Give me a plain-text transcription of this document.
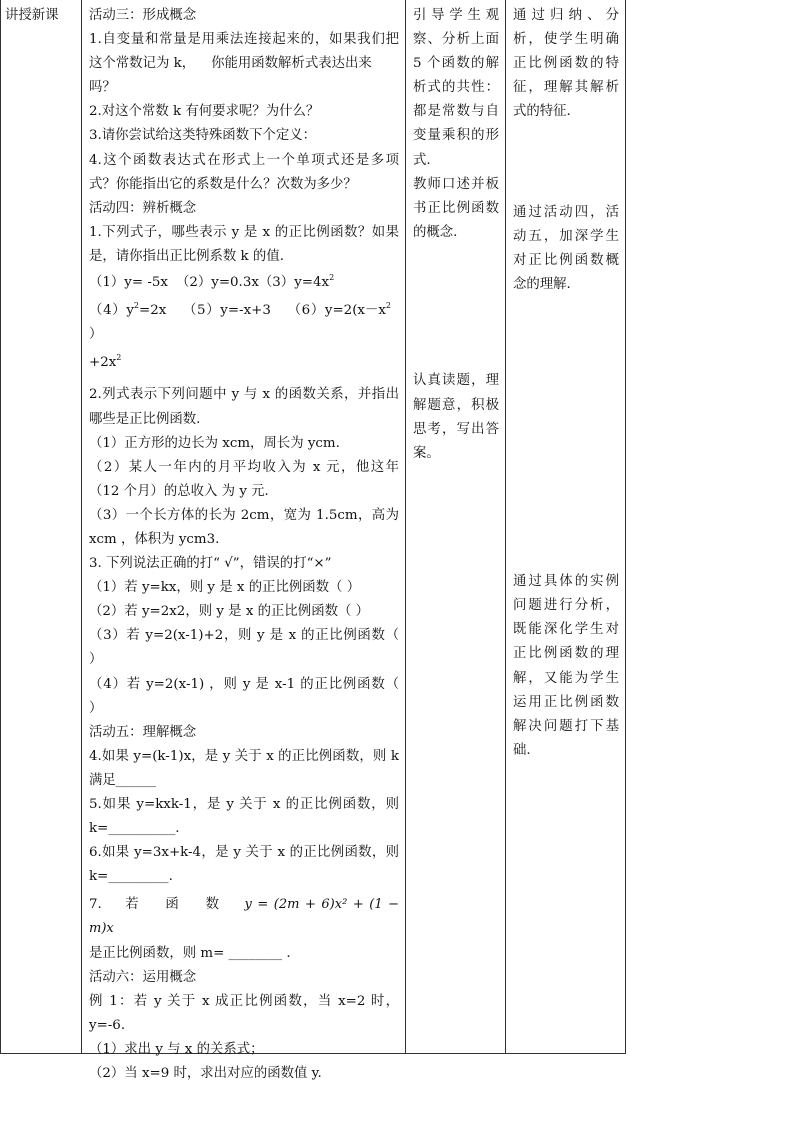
讲授新课	活动三：形成概念
1.自变量和常量是用乘法连接起来的，如果我们把
这个常数记为 k， 你能用函数解析式表达出来
吗？
2.对这个常数 k 有何要求呢？为什么？
3.请你尝试给这类特殊函数下个定义：
4.这个函数表达式在形式上一个单项式还是多项
式？你能指出它的系数是什么？次数为多少？
活动四：辨析概念
1.下列式子，哪些表示 y 是 x 的正比例函数？如果
是，请你指出正比例系数 k 的值.
（1）y= -5x $(2)y=0.3x(3)y=4x^2$
$(4)y^2=2x$ （5）y=-x+3 $(6)y=2(x-x^2)$
$+2x^2$
2.列式表示下列问题中 y 与 x 的函数关系，并指出
哪些是正比例函数.
（1）正方形的边长为 xcm，周长为 ycm.
（2）某人一年内的月平均收入为 x 元，他这年
（12 个月）的总收入 为 y 元.
（3）一个长方体的长为 2cm，宽为 1.5cm，高为
xcm ，体积为 ycm3.
3. 下列说法正确的打“ √”，错误的打“×”
（1）若 y=kx，则 y 是 x 的正比例函数（ ）
（2）若 y=2x2，则 y 是 x 的正比例函数（ ）
（3）若 y=2(x-1)+2，则 y 是 x 的正比例函数（
）
（4）若 y=2(x-1) ，则 y 是 x-1 的正比例函数（
）
活动五：理解概念
4.如果 y=(k-1)x，是 y 关于 x 的正比例函数，则 k
满足______
5.如果 y=kxk-1，是 y 关于 x 的正比例函数，则
k=__________.
6.如果 y=3x+k-4，是 y 关于 x 的正比例函数，则
k=_________.
7. 若 函 数 y = (2m + 6)x² + (1 − m)x
是正比例函数，则 m= ________ .
活动六：运用概念
例 1：若 y 关于 x 成正比例函数，当 x=2 时，y=-6.
（1）求出 y 与 x 的关系式；
（2）当 x=9 时，求出对应的函数值 y.
引导学生观
察、分析上面
5 个函数的解
析式的共性：
都是常数与自
变量乘积的形
式.
教师口述并板
书正比例函数
的概念.
认真读题，理
解题意，积极
思考，写出答
案。
通过归纳、分
析，使学生明确
正比例函数的特
征，理解其解析
式的特征.
通过活动四，活
动五，加深学生
对正比例函数概
念的理解.
通过具体的实例
问题进行分析，
既能深化学生对
正比例函数的理
解，又能为学生
运用正比例函数
解决问题打下基
础.
